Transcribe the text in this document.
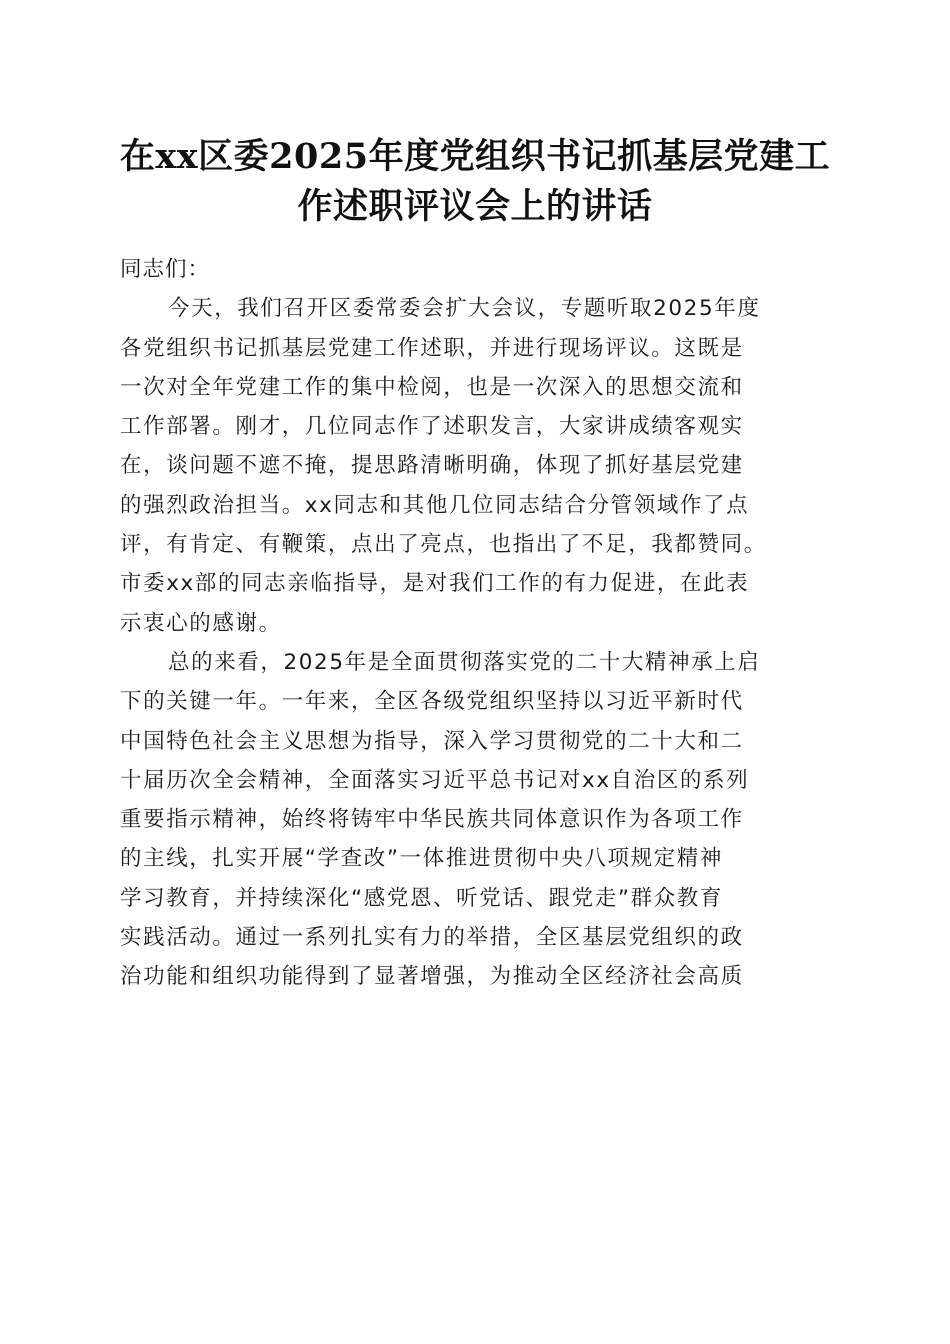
在xx区委2025年度党组织书记抓基层党建工
作述职评议会上的讲话
同志们：
今天，我们召开区委常委会扩大会议，专题听取2025年度
各党组织书记抓基层党建工作述职，并进行现场评议。这既是
一次对全年党建工作的集中检阅，也是一次深入的思想交流和
工作部署。刚才，几位同志作了述职发言，大家讲成绩客观实
在，谈问题不遮不掩，提思路清晰明确，体现了抓好基层党建
的强烈政治担当。xx同志和其他几位同志结合分管领域作了点
评，有肯定、有鞭策，点出了亮点，也指出了不足，我都赞同。
市委xx部的同志亲临指导，是对我们工作的有力促进，在此表
示衷心的感谢。
总的来看，2025年是全面贯彻落实党的二十大精神承上启
下的关键一年。一年来，全区各级党组织坚持以习近平新时代
中国特色社会主义思想为指导，深入学习贯彻党的二十大和二
十届历次全会精神，全面落实习近平总书记对xx自治区的系列
重要指示精神，始终将铸牢中华民族共同体意识作为各项工作
的主线，扎实开展“学查改”一体推进贯彻中央八项规定精神
学习教育，并持续深化“感党恩、听党话、跟党走”群众教育
实践活动。通过一系列扎实有力的举措，全区基层党组织的政
治功能和组织功能得到了显著增强，为推动全区经济社会高质
